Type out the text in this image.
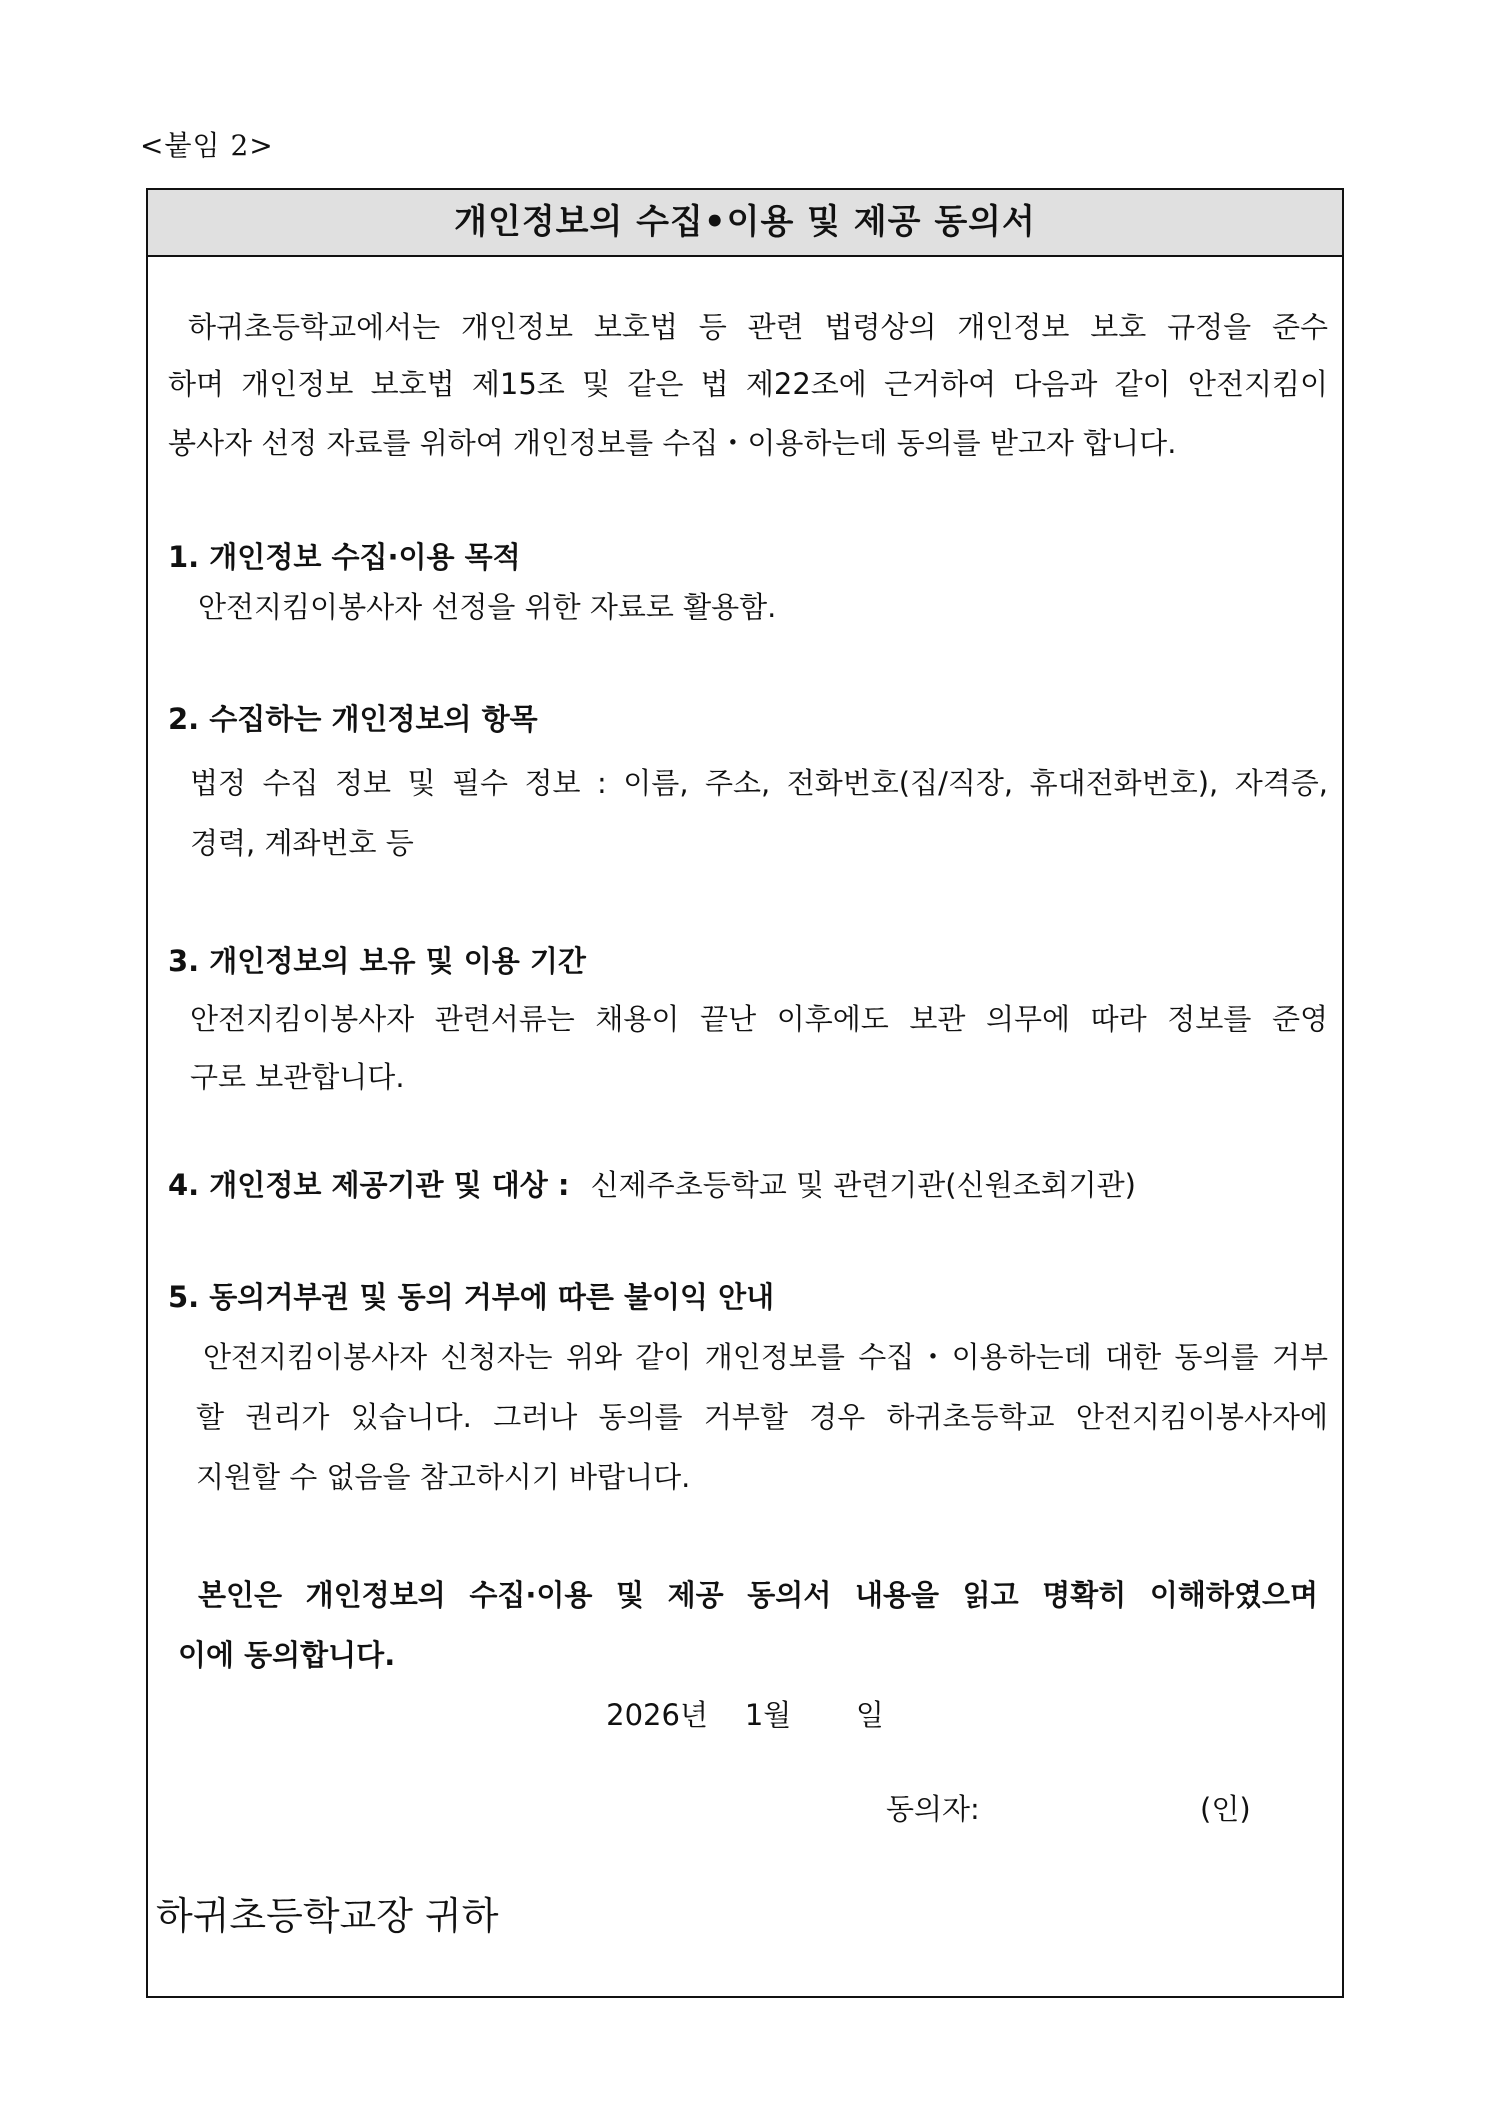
<붙임 2>
개인정보의 수집•이용 및 제공 동의서
하귀초등학교에서는 개인정보 보호법 등 관련 법령상의 개인정보 보호 규정을 준수
하며 개인정보 보호법 제15조 및 같은 법 제22조에 근거하여 다음과 같이 안전지킴이
봉사자 선정 자료를 위하여 개인정보를 수집・이용하는데 동의를 받고자 합니다.
1. 개인정보 수집·이용 목적
안전지킴이봉사자 선정을 위한 자료로 활용함.
2. 수집하는 개인정보의 항목
법정 수집 정보 및 필수 정보 : 이름, 주소, 전화번호(집/직장, 휴대전화번호), 자격증,
경력, 계좌번호 등
3. 개인정보의 보유 및 이용 기간
안전지킴이봉사자 관련서류는 채용이 끝난 이후에도 보관 의무에 따라 정보를 준영
구로 보관합니다.
4. 개인정보 제공기관 및 대상 : 신제주초등학교 및 관련기관(신원조회기관)
5. 동의거부권 및 동의 거부에 따른 불이익 안내
안전지킴이봉사자 신청자는 위와 같이 개인정보를 수집・이용하는데 대한 동의를 거부
할 권리가 있습니다. 그러나 동의를 거부할 경우 하귀초등학교 안전지킴이봉사자에
지원할 수 없음을 참고하시기 바랍니다.
본인은 개인정보의 수집·이용 및 제공 동의서 내용을 읽고 명확히 이해하였으며
이에 동의합니다.
2026년    1월       일
동의자:	(인)
하귀초등학교장 귀하
